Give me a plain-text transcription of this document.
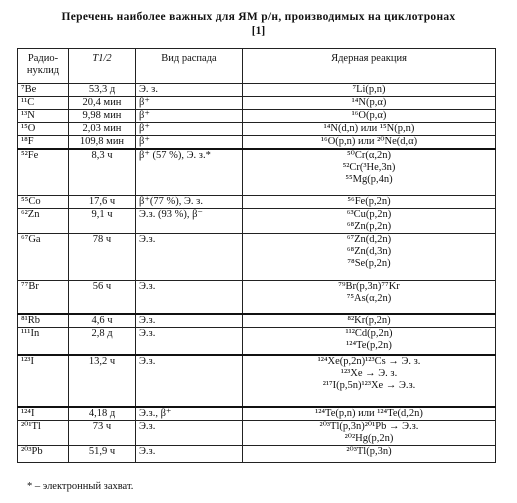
Перечень наиболее важных для ЯМ р/н, производимых на циклотронах
[1]
Радио-нуклид	T1/2	Вид распада	Ядерная реакция
⁷Be	53,3 д	Э. з.	⁷Li(p,n)

¹¹C	20,4 мин	β⁺	¹⁴N(p,α)

¹³N	9,98 мин	β⁺	¹⁶O(p,α)

¹⁵O	2,03 мин	β⁺	¹⁴N(d,n) или ¹⁵N(p,n)

¹⁸F	109,8 мин	β⁺	¹⁶O(p,n) или ²⁰Ne(d,α)

⁵²Fe	8,3 ч	β⁺ (57 %), Э. з.*	⁵⁰Cr(α,2n)
⁵²Cr(³He,3n)
⁵⁵Mg(p,4n)

⁵⁵Co	17,6 ч	β⁺(77 %), Э. з.	⁵⁶Fe(p,2n)

⁶²Zn	9,1 ч	Э.з. (93 %), β⁻	⁶³Cu(p,2n)
⁶⁸Zn(p,2n)

⁶⁷Ga	78 ч	Э.з.	⁶⁷Zn(d,2n)
⁶⁸Zn(d,3n)
⁷⁸Se(p,2n)

⁷⁷Br	56 ч	Э.з.	⁷⁹Br(p,3n)⁷⁷Kr
⁷⁵As(α,2n)

⁸¹Rb	4,6 ч	Э.з.	⁸²Kr(p,2n)

¹¹¹In	2,8 д	Э.з.	¹¹²Cd(p,2n)
¹²⁴Te(p,2n)

¹²³I	13,2 ч	Э.з.	¹²⁴Xe(p,2n)¹²³Cs → Э. з.
¹²³Xe → Э. з.
²¹⁷I(p,5n)¹²³Xe → Э.з.

¹²⁴I	4,18 д	Э.з., β⁺	¹²⁴Te(p,n) или ¹²⁴Te(d,2n)

²⁰¹Tl	73 ч	Э.з.	²⁰³Tl(p,3n)²⁰¹Pb → Э.з.
²⁰²Hg(p,2n)

²⁰³Pb	51,9 ч	Э.з.	²⁰³Tl(p,3n)
* – электронный захват.
